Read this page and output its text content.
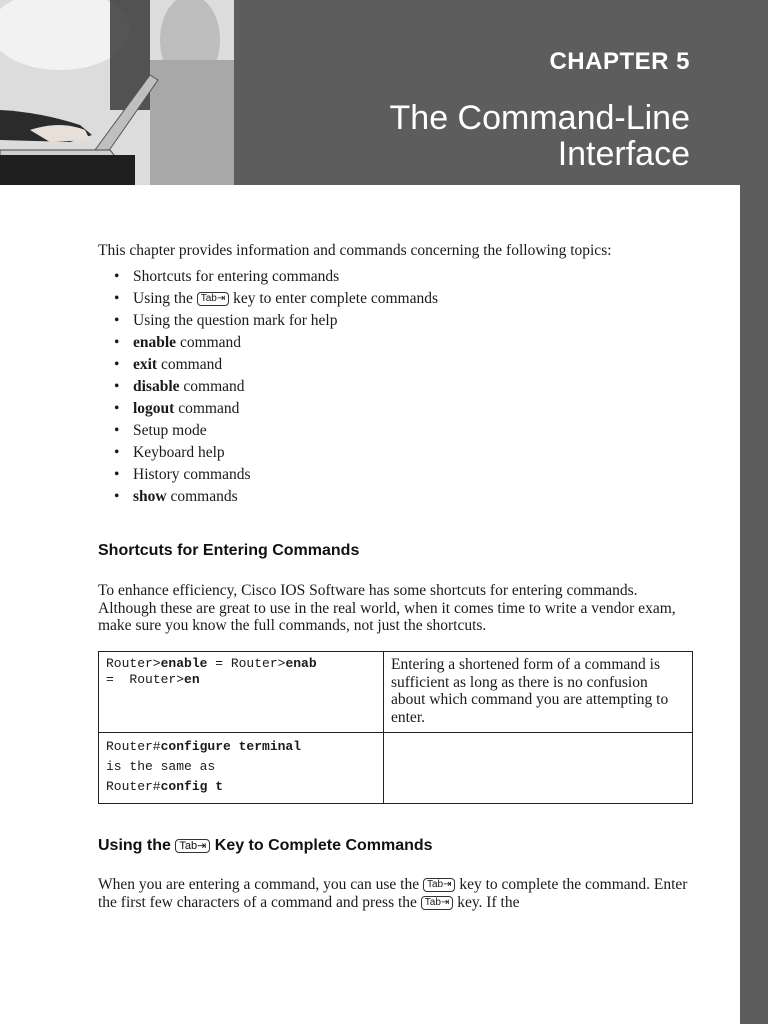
CHAPTER 5
The Command-Line Interface

This chapter provides information and commands concerning the following topics:

• Shortcuts for entering commands
• Using the Tab⇥ key to enter complete commands
• Using the question mark for help
• enable command
• exit command
• disable command
• logout command
• Setup mode
• Keyboard help
• History commands
• show commands
Shortcuts for Entering Commands
To enhance efficiency, Cisco IOS Software has some shortcuts for entering commands. Although these are great to use in the real world, when it comes time to write a vendor exam, make sure you know the full commands, not just the shortcuts.
Router>enable = Router>enab
=  Router>en	Entering a shortened form of a command is sufficient as long as there is no confusion about which command you are attempting to enter.

Router#configure terminal
is the same as
Router#config t	

Using the Tab⇥ Key to Complete Commands
When you are entering a command, you can use the Tab⇥ key to complete the command. Enter the first few characters of a command and press the Tab⇥ key. If the
